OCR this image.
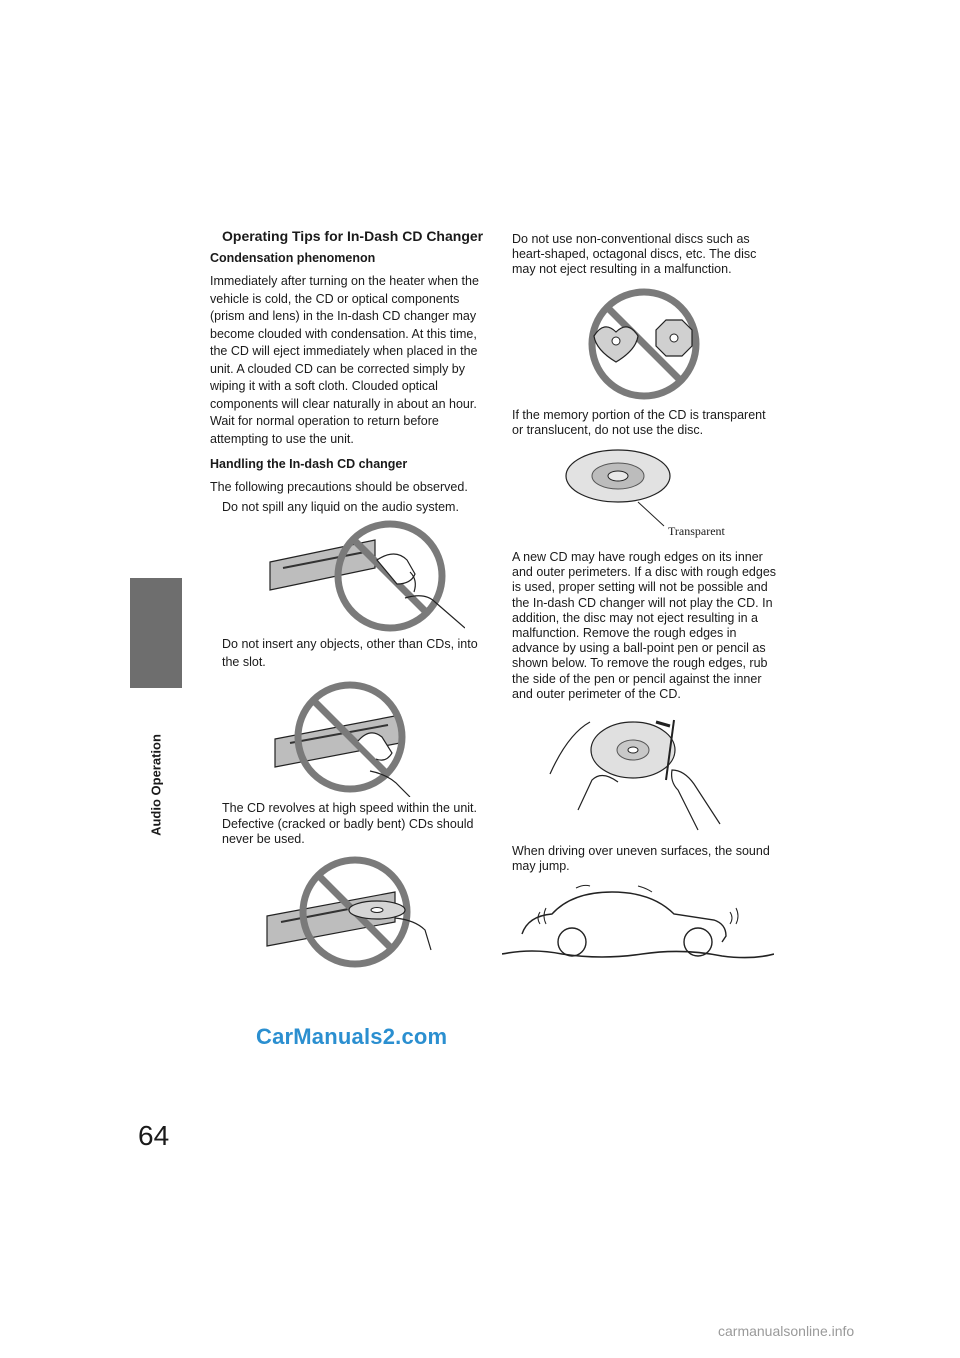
Audio Operation
64
Operating Tips for In-Dash CD Changer
Condensation phenomenon

Immediately after turning on the heater when the vehicle is cold, the CD or optical components (prism and lens) in the In-dash CD changer may become clouded with condensation. At this time, the CD will eject immediately when placed in the unit. A clouded CD can be corrected simply by wiping it with a soft cloth. Clouded optical components will clear naturally in about an hour. Wait for normal operation to return before attempting to use the unit.

Handling the In-dash CD changer

The following precautions should be observed.

Do not spill any liquid on the audio system.

Do not insert any objects, other than CDs, into the slot.

The CD revolves at high speed within the unit. Defective (cracked or badly bent) CDs should never be used.

Do not use non-conventional discs such as heart-shaped, octagonal discs, etc. The disc may not eject resulting in a malfunction.

If the memory portion of the CD is transparent or translucent, do not use the disc.

Transparent

A new CD may have rough edges on its inner and outer perimeters. If a disc with rough edges is used, proper setting will not be possible and the In-dash CD changer will not play the CD. In addition, the disc may not eject resulting in a malfunction. Remove the rough edges in advance by using a ball-point pen or pencil as shown below. To remove the rough edges, rub the side of the pen or pencil against the inner and outer perimeter of the CD.

When driving over uneven surfaces, the sound may jump.

CarManuals2.com
carmanualsonline.info
